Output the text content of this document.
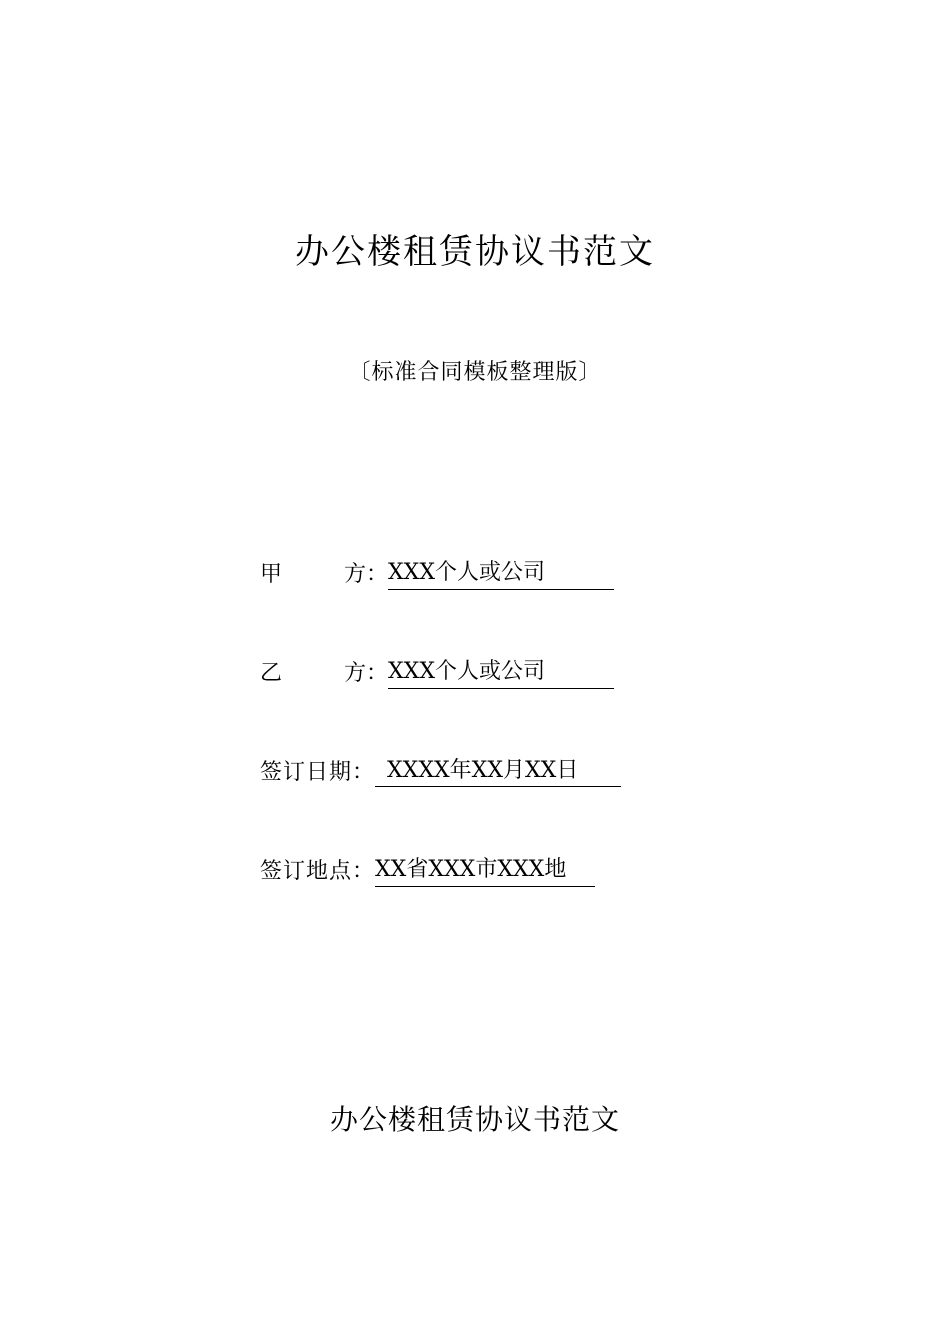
办公楼租赁协议书范文
〔标准合同模板整理版〕
甲	方： XXX个人或公司
乙	方： XXX个人或公司
签订日期： XXXX年XX月XX日
签订地点：XX省XXX市XXX地
办公楼租赁协议书范文
